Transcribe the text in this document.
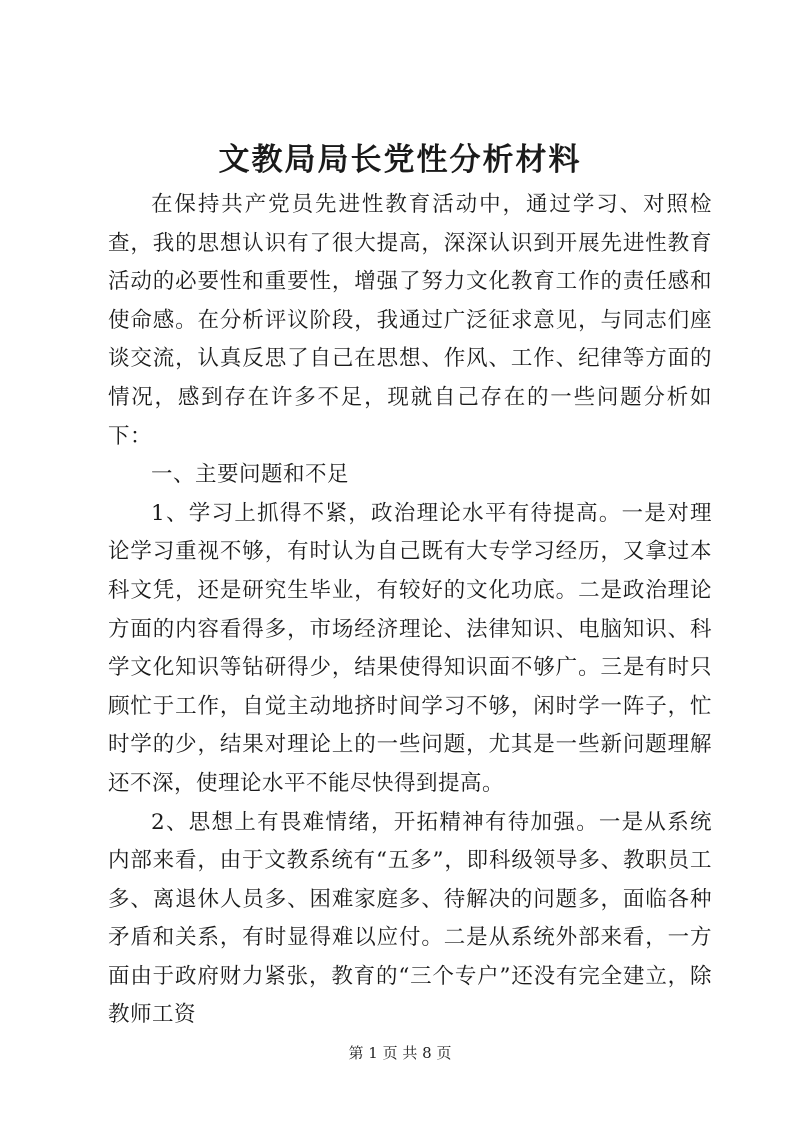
文教局局长党性分析材料

在保持共产党员先进性教育活动中，通过学习、对照检查，我的思想认识有了很大提高，深深认识到开展先进性教育活动的必要性和重要性，增强了努力文化教育工作的责任感和使命感。在分析评议阶段，我通过广泛征求意见，与同志们座谈交流，认真反思了自己在思想、作风、工作、纪律等方面的情况，感到存在许多不足，现就自己存在的一些问题分析如下：

一、主要问题和不足

1、学习上抓得不紧，政治理论水平有待提高。一是对理论学习重视不够，有时认为自己既有大专学习经历，又拿过本科文凭，还是研究生毕业，有较好的文化功底。二是政治理论方面的内容看得多，市场经济理论、法律知识、电脑知识、科学文化知识等钻研得少，结果使得知识面不够广。三是有时只顾忙于工作，自觉主动地挤时间学习不够，闲时学一阵子，忙时学的少，结果对理论上的一些问题，尤其是一些新问题理解还不深，使理论水平不能尽快得到提高。

2、思想上有畏难情绪，开拓精神有待加强。一是从系统内部来看，由于文教系统有“五多”，即科级领导多、教职员工多、离退休人员多、困难家庭多、待解决的问题多，面临各种矛盾和关系，有时显得难以应付。二是从系统外部来看，一方面由于政府财力紧张，教育的“三个专户”还没有完全建立，除教师工资

第 1 页 共 8 页
